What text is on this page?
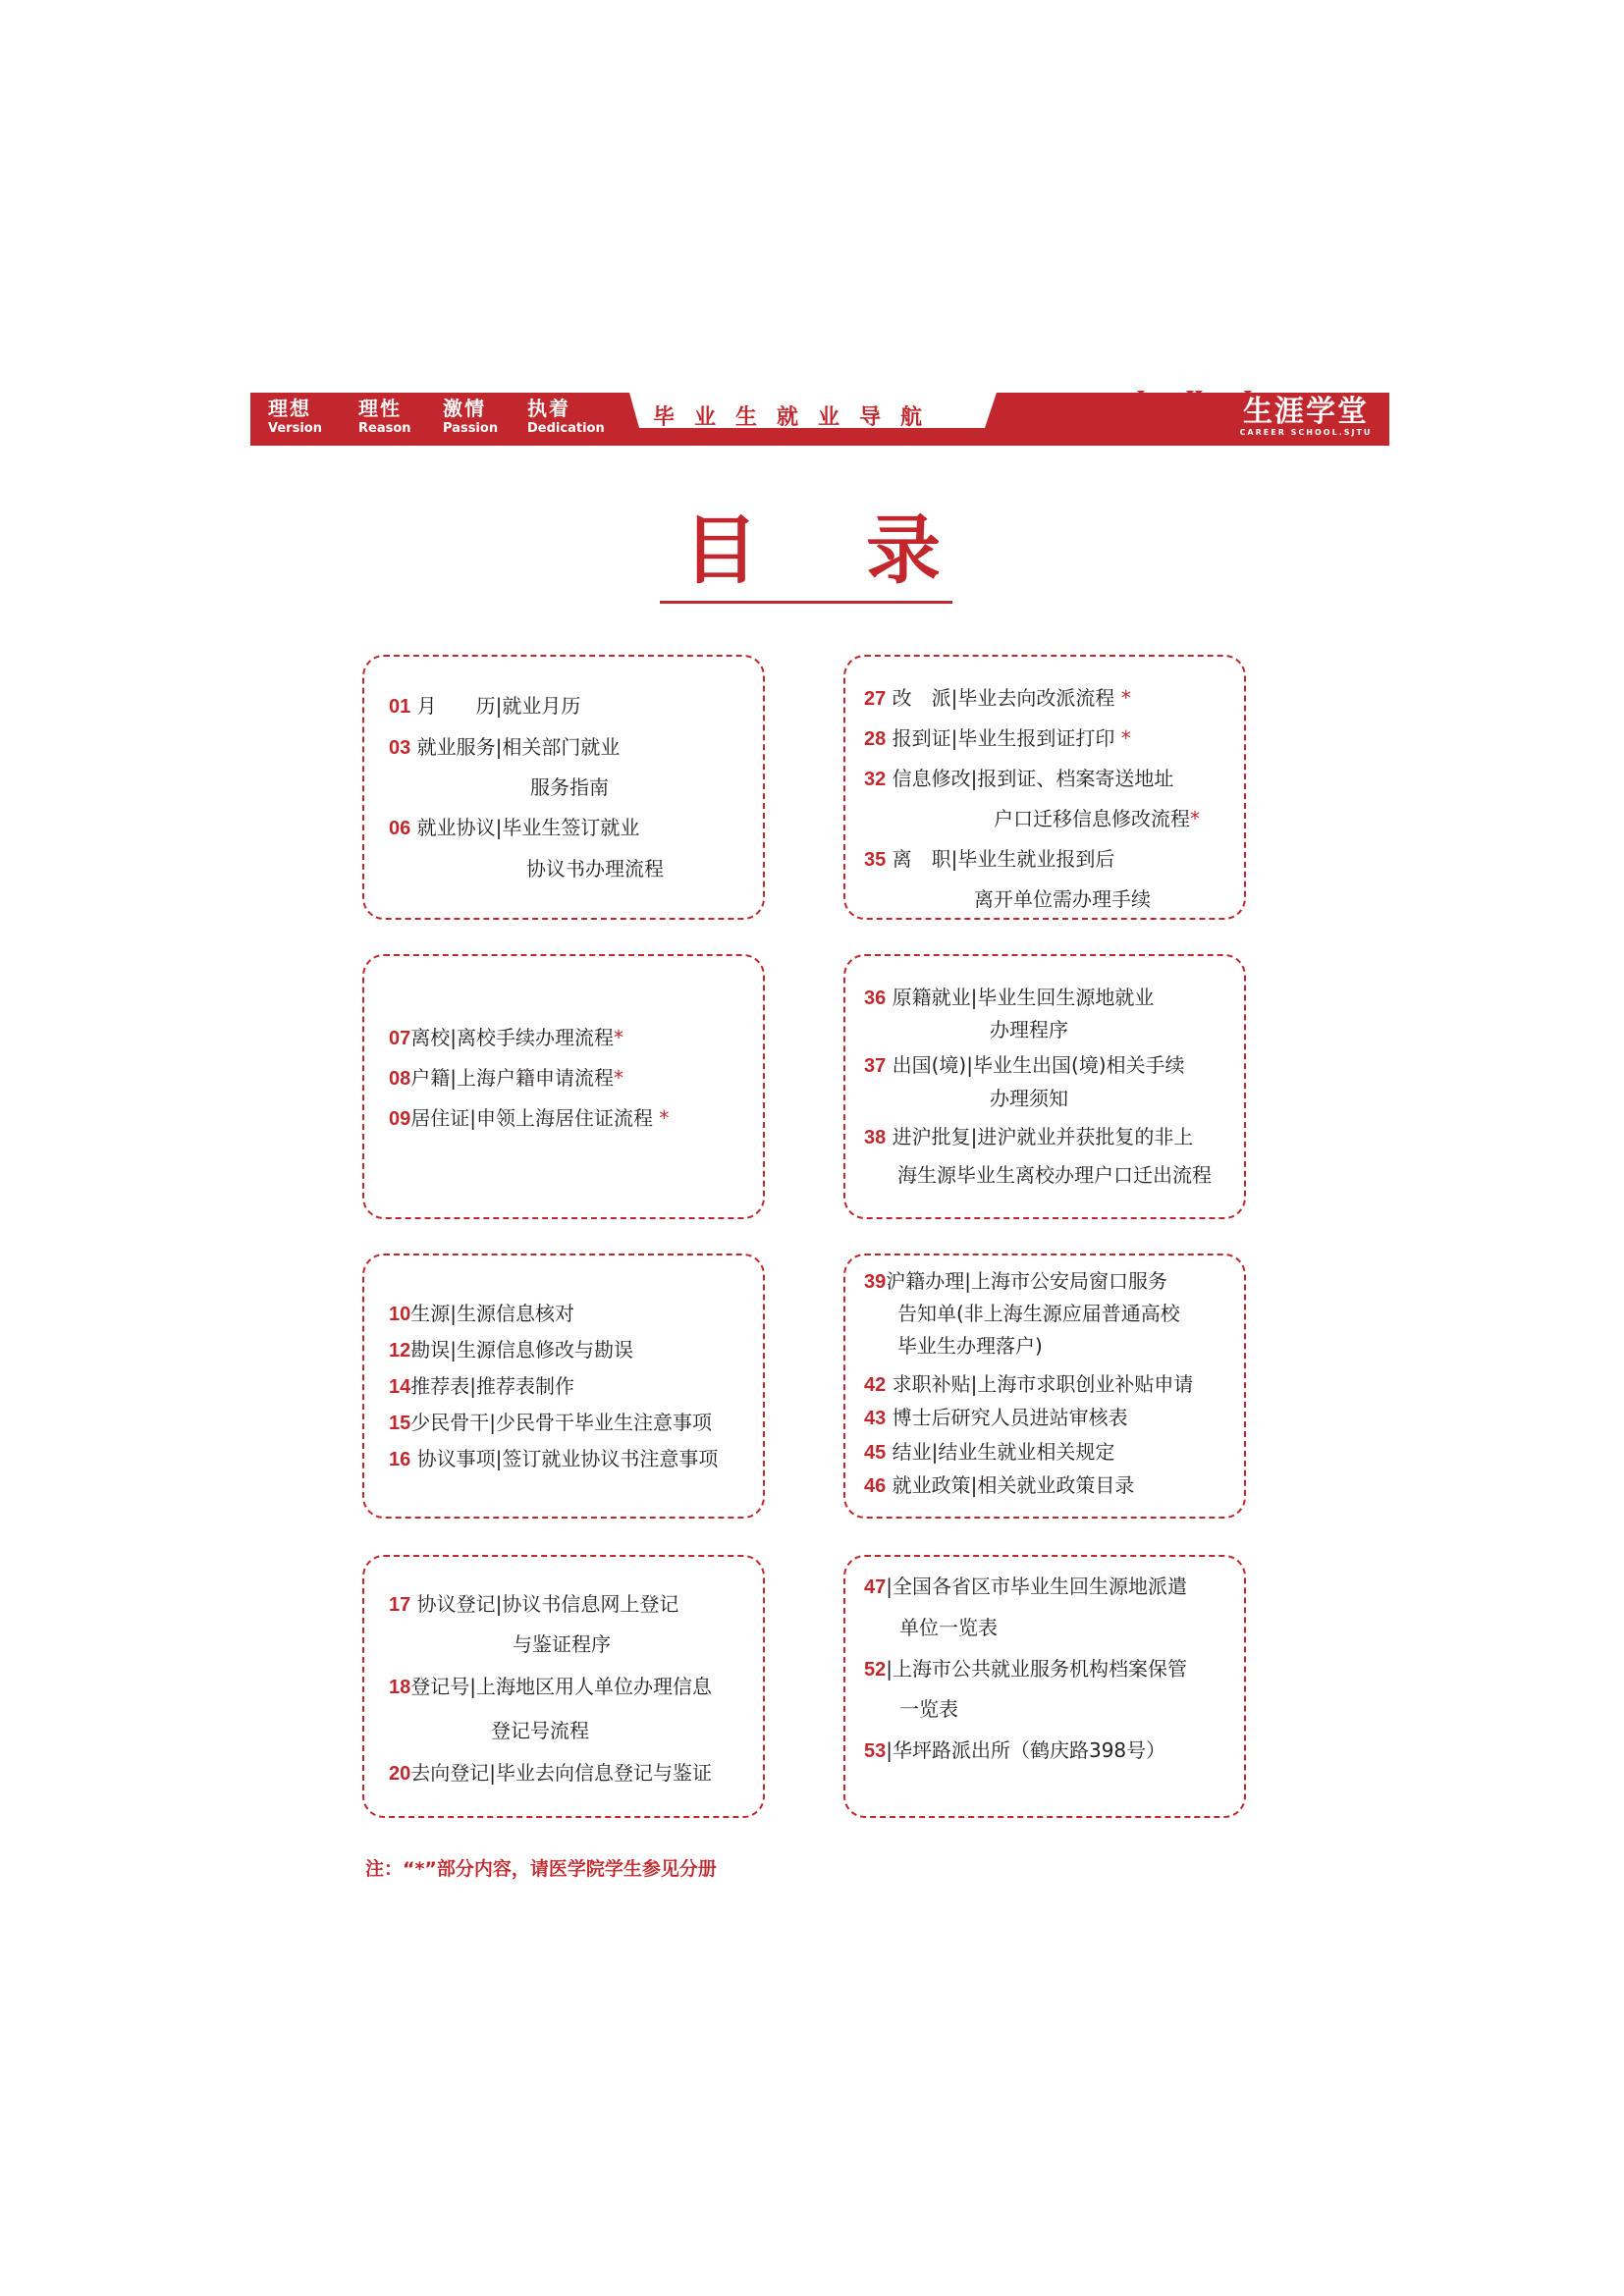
理想
Version
理性
Reason
激情
Passion
执着
Dedication 毕业生就业导航	生涯学堂
CAREER SCHOOL.SJTU
目录
01 月　　历|就业月历
03 就业服务|相关部门就业
服务指南
06 就业协议|毕业生签订就业
协议书办理流程
27 改　派|毕业去向改派流程 *
28 报到证|毕业生报到证打印 *
32 信息修改|报到证、档案寄送地址
户口迁移信息修改流程*
35 离　职|毕业生就业报到后
离开单位需办理手续
07离校|离校手续办理流程*
08户籍|上海户籍申请流程*
09居住证|申领上海居住证流程 *
36 原籍就业|毕业生回生源地就业
办理程序
37 出国(境)|毕业生出国(境)相关手续
办理须知
38 进沪批复|进沪就业并获批复的非上
海生源毕业生离校办理户口迁出流程
10生源|生源信息核对
12勘误|生源信息修改与勘误
14推荐表|推荐表制作
15少民骨干|少民骨干毕业生注意事项
16 协议事项|签订就业协议书注意事项
39沪籍办理|上海市公安局窗口服务
告知单(非上海生源应届普通高校
毕业生办理落户)
42 求职补贴|上海市求职创业补贴申请
43 博士后研究人员进站审核表
45 结业|结业生就业相关规定
46 就业政策|相关就业政策目录
17 协议登记|协议书信息网上登记
与鉴证程序
18登记号|上海地区用人单位办理信息
登记号流程
20去向登记|毕业去向信息登记与鉴证
47|全国各省区市毕业生回生源地派遣
单位一览表
52|上海市公共就业服务机构档案保管
一览表
53|华坪路派出所（鹤庆路398号）
注：“*”部分内容，请医学院学生参见分册
